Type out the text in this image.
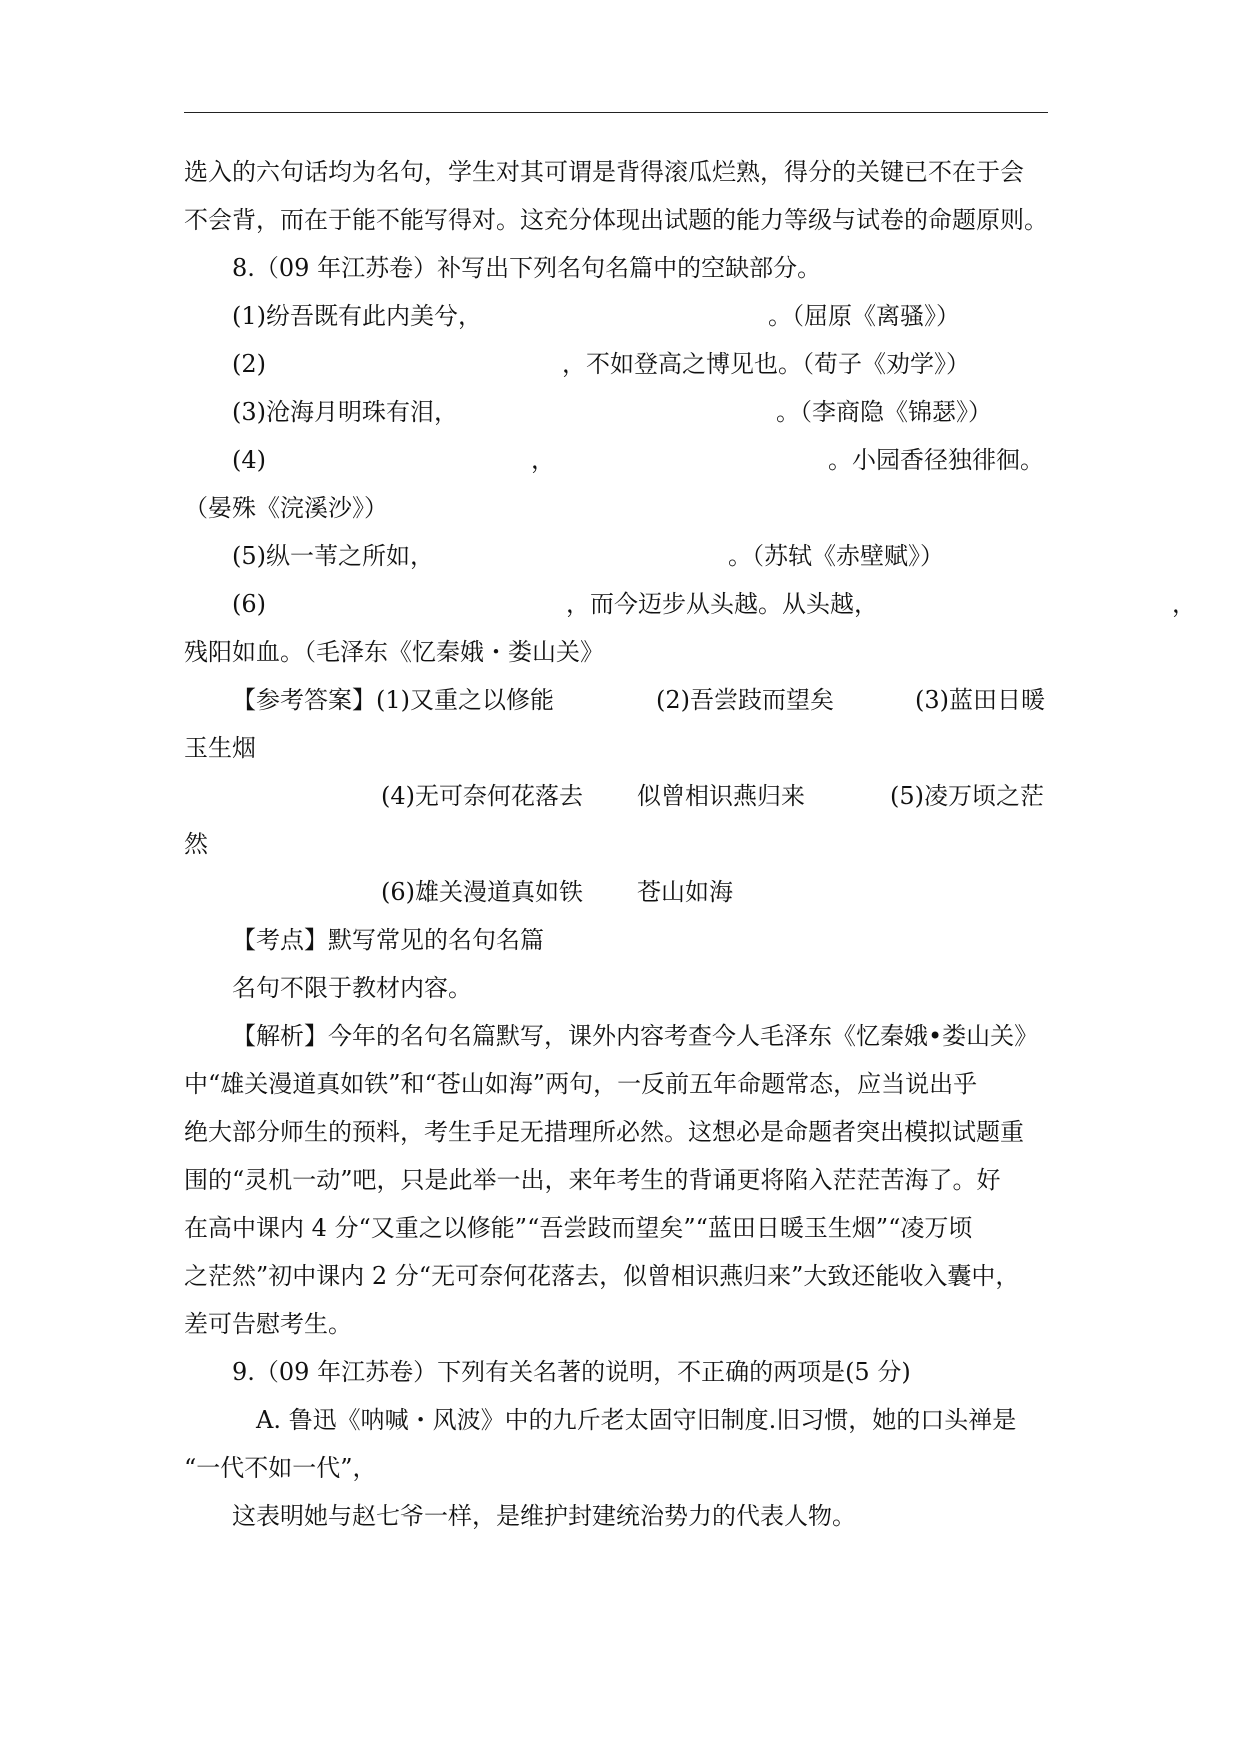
选入的六句话均为名句，学生对其可谓是背得滚瓜烂熟，得分的关键已不在于会
不会背，而在于能不能写得对。这充分体现出试题的能力等级与试卷的命题原则。
8.（09 年江苏卷）补写出下列名句名篇中的空缺部分。
(1)纷吾既有此内美兮，	。（屈原《离骚》）
(2)	，不如登高之博见也。（荀子《劝学》）
(3)沧海月明珠有泪，	。（李商隐《锦瑟》）
(4)	，	。小园香径独徘徊。
（晏殊《浣溪沙》）
(5)纵一苇之所如，	。（苏轼《赤壁赋》）
(6)	，而今迈步从头越。从头越，	，
残阳如血。（毛泽东《忆秦娥・娄山关》
【参考答案】 (1)又重之以修能	(2)吾尝跂而望矣	(3)蓝田日暖
玉生烟
(4)无可奈何花落去 似曾相识燕归来	(5)凌万顷之茫
然
(6)雄关漫道真如铁 苍山如海
【考点】 默写常见的名句名篇
名句不限于教材内容。
【解析】 今年的名句名篇默写，课外内容考查今人毛泽东《忆秦娥•娄山关》
中“雄关漫道真如铁”和“苍山如海”两句，一反前五年命题常态，应当说出乎
绝大部分师生的预料，考生手足无措理所必然。这想必是命题者突出模拟试题重
围的“灵机一动”吧，只是此举一出，来年考生的背诵更将陷入茫茫苦海了。好
在高中课内 4 分“又重之以修能”“吾尝跂而望矣”“蓝田日暖玉生烟”“凌万顷
之茫然”初中课内 2 分“无可奈何花落去，似曾相识燕归来”大致还能收入囊中，
差可告慰考生。
9.（09 年江苏卷）下列有关名著的说明，不正确的两项是(5 分)
A. 鲁迅《呐喊・风波》中的九斤老太固守旧制度.旧习惯，她的口头禅是
“一代不如一代”，
这表明她与赵七爷一样，是维护封建统治势力的代表人物。
